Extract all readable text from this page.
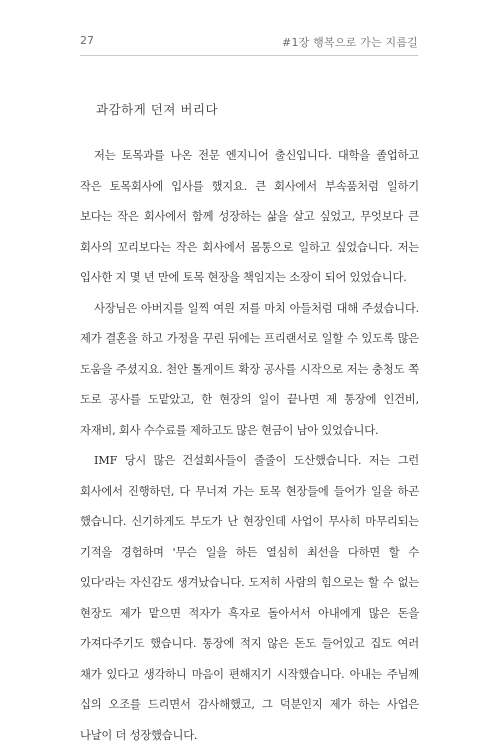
27	#1장 행복으로 가는 지름길
과감하게 던져 버리다

저는 토목과를 나온 전문 엔지니어 출신입니다. 대학을 졸업하고 작은 토목회사에 입사를 했지요. 큰 회사에서 부속품처럼 일하기 보다는 작은 회사에서 함께 성장하는 삶을 살고 싶었고, 무엇보다 큰 회사의 꼬리보다는 작은 회사에서 몸통으로 일하고 싶었습니다. 저는 입사한 지 몇 년 만에 토목 현장을 책임지는 소장이 되어 있었습니다.

사장님은 아버지를 일찍 여읜 저를 마치 아들처럼 대해 주셨습니다. 제가 결혼을 하고 가정을 꾸린 뒤에는 프리랜서로 일할 수 있도록 많은 도움을 주셨지요. 천안 톨게이트 확장 공사를 시작으로 저는 충청도 쪽 도로 공사를 도맡았고, 한 현장의 일이 끝나면 제 통장에 인건비, 자재비, 회사 수수료를 제하고도 많은 현금이 남아 있었습니다.

IMF 당시 많은 건설회사들이 줄줄이 도산했습니다. 저는 그런 회사에서 진행하던, 다 무너져 가는 토목 현장들에 들어가 일을 하곤 했습니다. 신기하게도 부도가 난 현장인데 사업이 무사히 마무리되는 기적을 경험하며 '무슨 일을 하든 열심히 최선을 다하면 할 수 있다'라는 자신감도 생겨났습니다. 도저히 사람의 힘으로는 할 수 없는 현장도 제가 맡으면 적자가 흑자로 돌아서서 아내에게 많은 돈을 가져다주기도 했습니다. 통장에 적지 않은 돈도 들어있고 집도 여러 채가 있다고 생각하니 마음이 편해지기 시작했습니다. 아내는 주님께 십의 오조를 드리면서 감사해했고, 그 덕분인지 제가 하는 사업은 나날이 더 성장했습니다.
